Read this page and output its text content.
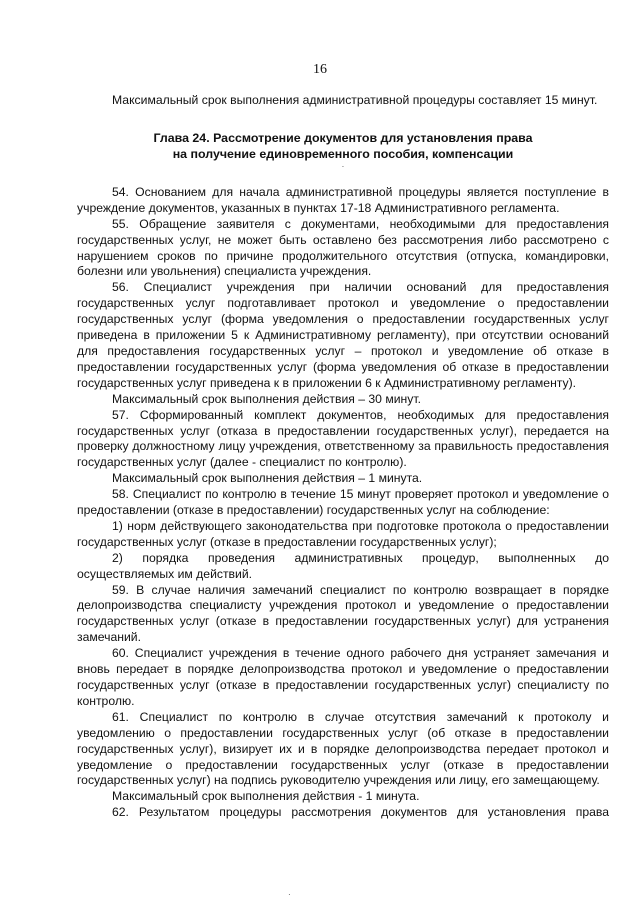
16

Максимальный срок выполнения административной процедуры составляет 15 минут.

Глава 24. Рассмотрение документов для установления права
на получение единовременного пособия, компенсации
·

54. Основанием для начала административной процедуры является поступление в учреждение документов, указанных в пунктах 17-18 Административного регламента.

55. Обращение заявителя с документами, необходимыми для предоставления государственных услуг, не может быть оставлено без рассмотрения либо рассмотрено с нарушением сроков по причине продолжительного отсутствия (отпуска, командировки, болезни или увольнения) специалиста учреждения.

56. Специалист учреждения при наличии оснований для предоставления государственных услуг подготавливает протокол и уведомление о предоставлении государственных услуг (форма уведомления о предоставлении государственных услуг приведена в приложении 5 к Административному регламенту), при отсутствии оснований для предоставления государственных услуг – протокол и уведомление об отказе в предоставлении государственных услуг (форма уведомления об отказе в предоставлении государственных услуг приведена к в приложении 6 к Административному регламенту).

Максимальный срок выполнения действия – 30 минут.

57. Сформированный комплект документов, необходимых для предоставления государственных услуг (отказа в предоставлении государственных услуг), передается на проверку должностному лицу учреждения, ответственному за правильность предоставления государственных услуг (далее - специалист по контролю).

Максимальный срок выполнения действия – 1 минута.

58. Специалист по контролю в течение 15 минут проверяет протокол и уведомление о предоставлении (отказе в предоставлении) государственных услуг на соблюдение:

1) норм действующего законодательства при подготовке протокола о предоставлении государственных услуг (отказе в предоставлении государственных услуг);

2) порядка проведения административных процедур, выполненных до осуществляемых им действий.

59. В случае наличия замечаний специалист по контролю возвращает в порядке делопроизводства специалисту учреждения протокол и уведомление о предоставлении государственных услуг (отказе в предоставлении государственных услуг) для устранения замечаний.

60. Специалист учреждения в течение одного рабочего дня устраняет замечания и вновь передает в порядке делопроизводства протокол и уведомление о предоставлении государственных услуг (отказе в предоставлении государственных услуг) специалисту по контролю.

61. Специалист по контролю в случае отсутствия замечаний к протоколу и уведомлению о предоставлении государственных услуг (об отказе в предоставлении государственных услуг), визирует их и в порядке делопроизводства передает протокол и уведомление о предоставлении государственных услуг (отказе в предоставлении государственных услуг) на подпись руководителю учреждения или лицу, его замещающему.

Максимальный срок выполнения действия - 1 минута.

62. Результатом процедуры рассмотрения документов для установления права

·
